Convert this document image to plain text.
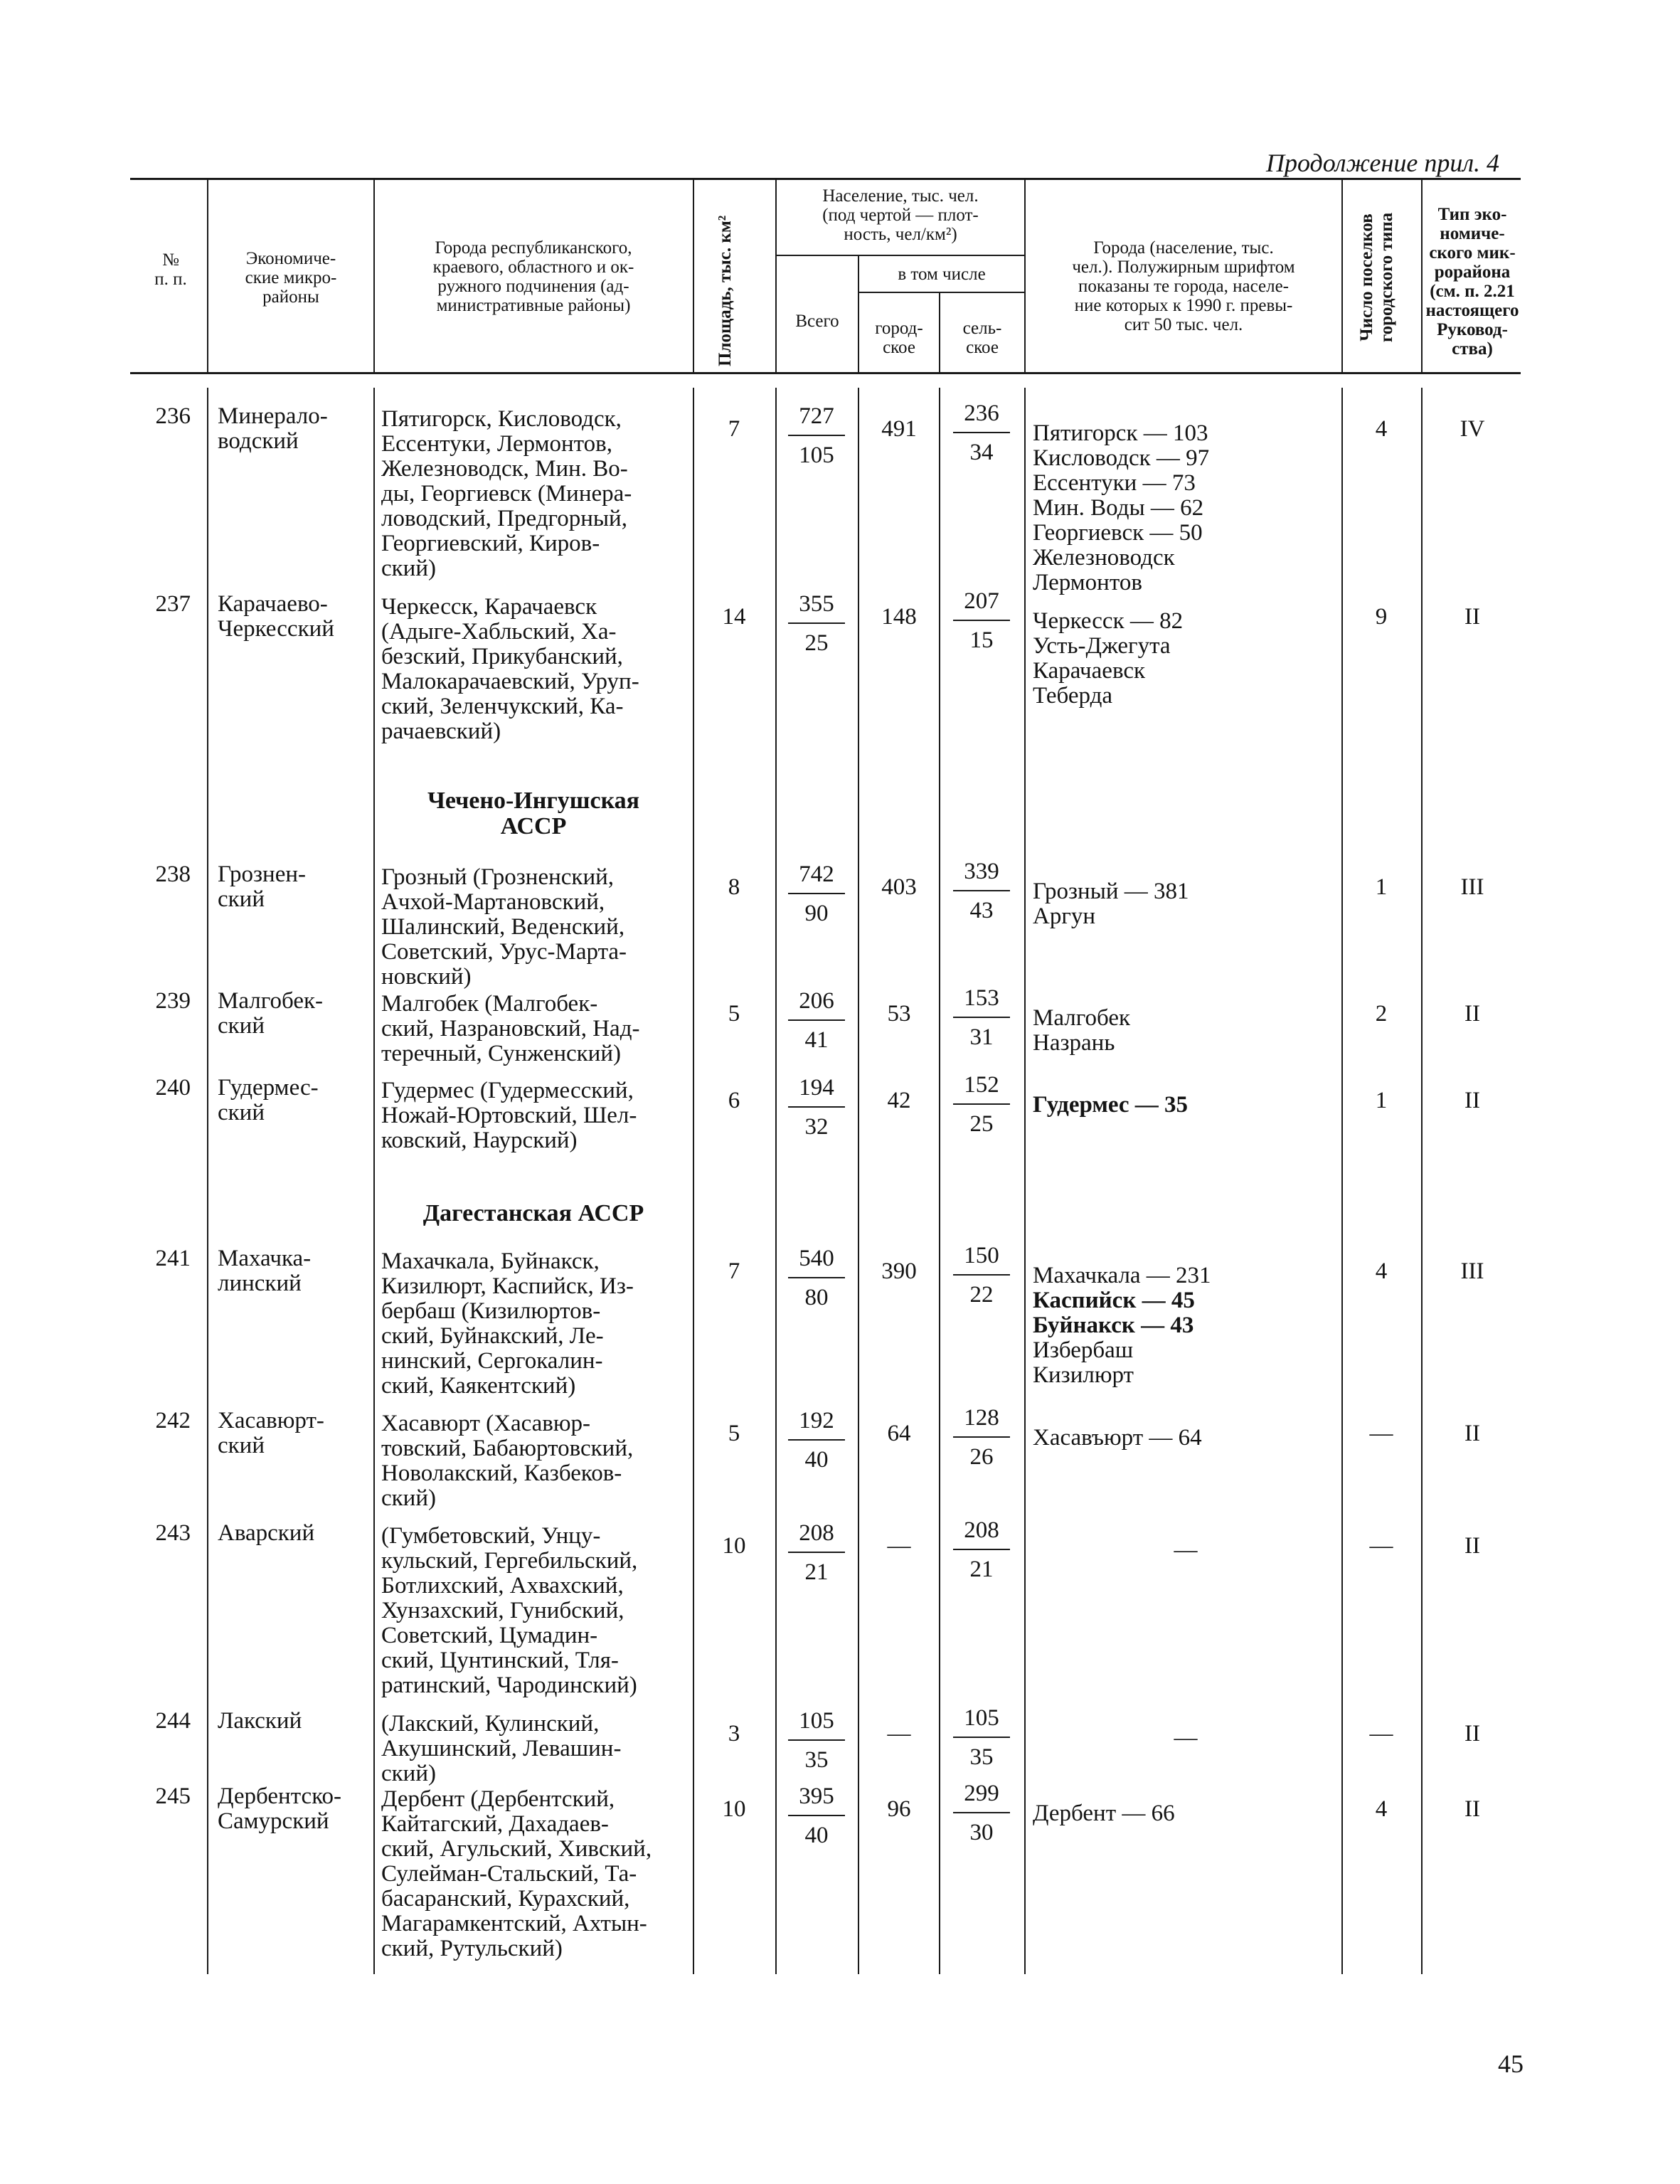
Продолжение прил. 4
№
п. п.
Экономиче-
ские микро-
районы
Города республиканского,
краевого, областного и ок-
ружного подчинения (ад-
министративные районы)	Площадь, тыс. км²
Население, тыс. чел.
(под чертой — плот-
ность, чел/км²)
в том числе
Всего	город-
ское
сель-
ское
Города (население, тыс.
чел.). Полужирным шрифтом
показаны те города, населе-
ние которых к 1990 г. превы-
сит 50 тыс. чел.	Число поселков городского типа	Тип эко-
номиче-
ского мик-
рорайона
(см. п. 2.21
настоящего
Руковод-
ства)
Чечено-Ингушская
АССР
Дагестанская АССР
236 Минерало-
водский
Пятигорск, Кисловодск,
Ессентуки, Лермонтов,
Железноводск, Мин. Во-
ды, Георгиевск (Минера-
ловодский, Предгорный,
Георгиевский, Киров-
ский)
7	$\frac{727}{105}$	491	$\frac{236}{34}$ Пятигорск — 103
Кисловодск — 97
Ессентуки — 73
Мин. Воды — 62
Георгиевск — 50
Железноводск
Лермонтов
4	IV
237 Карачаево-
Черкесский
Черкесск, Карачаевск
(Адыге-Хабльский, Ха-
безский, Прикубанский,
Малокарачаевский, Уруп-
ский, Зеленчукский, Ка-
рачаевский)
14	$\frac{355}{25}$	148	$\frac{207}{15}$ Черкесск — 82
Усть-Джегута
Карачаевск
Теберда
9	II
238 Грознен-
ский
Грозный (Грозненский,
Ачхой-Мартановский,
Шалинский, Веденский,
Советский, Урус-Марта-
новский)
8	$\frac{742}{90}$	403	$\frac{339}{43}$ Грозный — 381
Аргун
1	III
239 Малгобек-
ский
Малгобек (Малгобек-
ский, Назрановский, Над-
теречный, Сунженский)
5	$\frac{206}{41}$	53	$\frac{153}{31}$ Малгобек
Назрань
2	II
240 Гудермес-
ский
Гудермес (Гудермесский,
Ножай-Юртовский, Шел-
ковский, Наурский)
6	$\frac{194}{32}$	42	$\frac{152}{25}$ Гудермес — 35	1	II
241 Махачка-
линский
Махачкала, Буйнакск,
Кизилюрт, Каспийск, Из-
бербаш (Кизилюртов-
ский, Буйнакский, Ле-
нинский, Сергокалин-
ский, Каякентский)
7	$\frac{540}{80}$	390	$\frac{150}{22}$ Махачкала — 231
Каспийск — 45
Буйнакск — 43
Избербаш
Кизилюрт
4	III
242 Хасавюрт-
ский
Хасавюрт (Хасавюр-
товский, Бабаюртовский,
Новолакский, Казбеков-
ский)
5	$\frac{192}{40}$	64	$\frac{128}{26}$ Хасавъюрт — 64	—	II
243 Аварский	(Гумбетовский, Унцу-
кульский, Гергебильский,
Ботлихский, Ахвахский,
Хунзахский, Гунибский,
Советский, Цумадин-
ский, Цунтинский, Тля-
ратинский, Чародинский)
10	$\frac{208}{21}$	—	$\frac{208}{21}$	—	—	II
244 Лакский	(Лакский, Кулинский,
Акушинский, Левашин-
ский)
3	$\frac{105}{35}$	—	$\frac{105}{35}$	—	—	II
245 Дербентско-
Самурский
Дербент (Дербентский,
Кайтагский, Дахадаев-
ский, Агульский, Хивский,
Сулейман-Стальский, Та-
басаранский, Курахский,
Магарамкентский, Ахтын-
ский, Рутульский)
10	$\frac{395}{40}$	96	$\frac{299}{30}$ Дербент — 66	4	II
45
